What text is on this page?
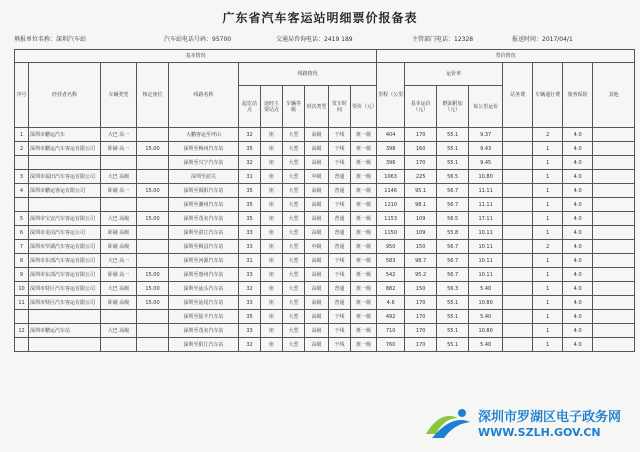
广东省汽车客运站明细票价报备表
填报单位名称：深圳汽车站	汽车站电话号码：95700	交通局咨询电话：2419 189	主管部门电话：12328	报送时间：2017/04/1
基本情况											票价情况							
序号	经营者名称	车辆类型	核定座位	线路名称	线路情况						里程（公里）	运价率			站务费	车辆通行费	旅客保险	其他
					起讫站点	途经主要站点	车辆等级	班次类型	发车时间	票价（元）		基本运价（元）	燃油附加（元）	每公里运价				
1	深圳市鹏运汽车	大巴 高一		大鹏客运至坪山	32	座	大型	高级	干线	班一级	404	170	55.1	9.37		2	4.0	
2	深圳市鹏运汽车客运有限公司	卧铺 高一	15.00	深圳至梅州汽车站	35	座	大型	高级	干线	班一级	398	160	55.1	9.43		1	4.0	
				深圳至兴宁汽车站	32	座	大型	高级	干线	班一级	396	170	55.1	9.45		1	4.0	
3	深圳市福田汽车客运有限公司	大巴 高级		深圳至韶关	31	座	大型	中级	普通	班一级	1063	225	56.5	10.80		1	4.0	
4	深圳市鹏运客运有限公司	卧铺 高一	15.00	深圳至揭阳汽车站	35	座	大型	高级	普通	班一级	1146	95.1	56.7	11.11		1	4.0	
				深圳至潮州汽车站	35	座	大型	高级	干线	班一级	1210	98.1	56.7	11.11		1	4.0	
5	深圳市宝安汽车客运有限公司	大巴 高级	15.00	深圳至茂名汽车站	35	座	大型	高级	普通	班一级	1153	109	56.5	17.11		1	4.0	
6	深圳市龙岗汽车客运公司	卧铺 高级		深圳至湛江汽车站	33	座	大型	高级	普通	班一级	1150	109	55.8	10.11		1	4.0	
7	深圳市罗湖汽车客运有限公司	卧铺 高级		深圳至梅县汽车站	33	座	大型	中级	普通	班一级	950	150	56.7	10.11		2	4.0	
8	深圳市东部汽车客运有限公司	大巴 高一		深圳至河源汽车站	31	座	大型	高级	干线	班一级	583	98.7	56.7	10.11		1	4.0	
9	深圳市东部汽车客运有限公司	卧铺 高一	15.00	深圳至惠州汽车站	33	座	大型	高级	干线	班一级	542	95.2	56.7	10.11		1	4.0	
10	深圳市特区汽车客运有限公司	大巴 高级	15.00	深圳至汕头汽车站	32	座	大型	高级	普通	班一级	882	150	56.3	5.40		1	4.0	
11	深圳市特区汽车客运有限公司	卧铺 高级	15.00	深圳至汕尾汽车站	33	座	大型	高级	普通	班一级	4.6	170	55.1	10.80		1	4.0	
				深圳至陆丰汽车站	35	座	大型	高级	干线	班一级	492	170	55.1	5.40		1	4.0	
12	深圳市鹏运汽车站	大巴 高级		深圳至茂名汽车站	33	座	大型	高级	干线	班一级	710	170	55.1	10.80		1	4.0	
				深圳至阳江汽车站	32	座	大型	高级	干线	班一级	760	170	55.1	5.40		1	4.0	
深圳市罗湖区电子政务网
WWW.SZLH.GOV.CN
